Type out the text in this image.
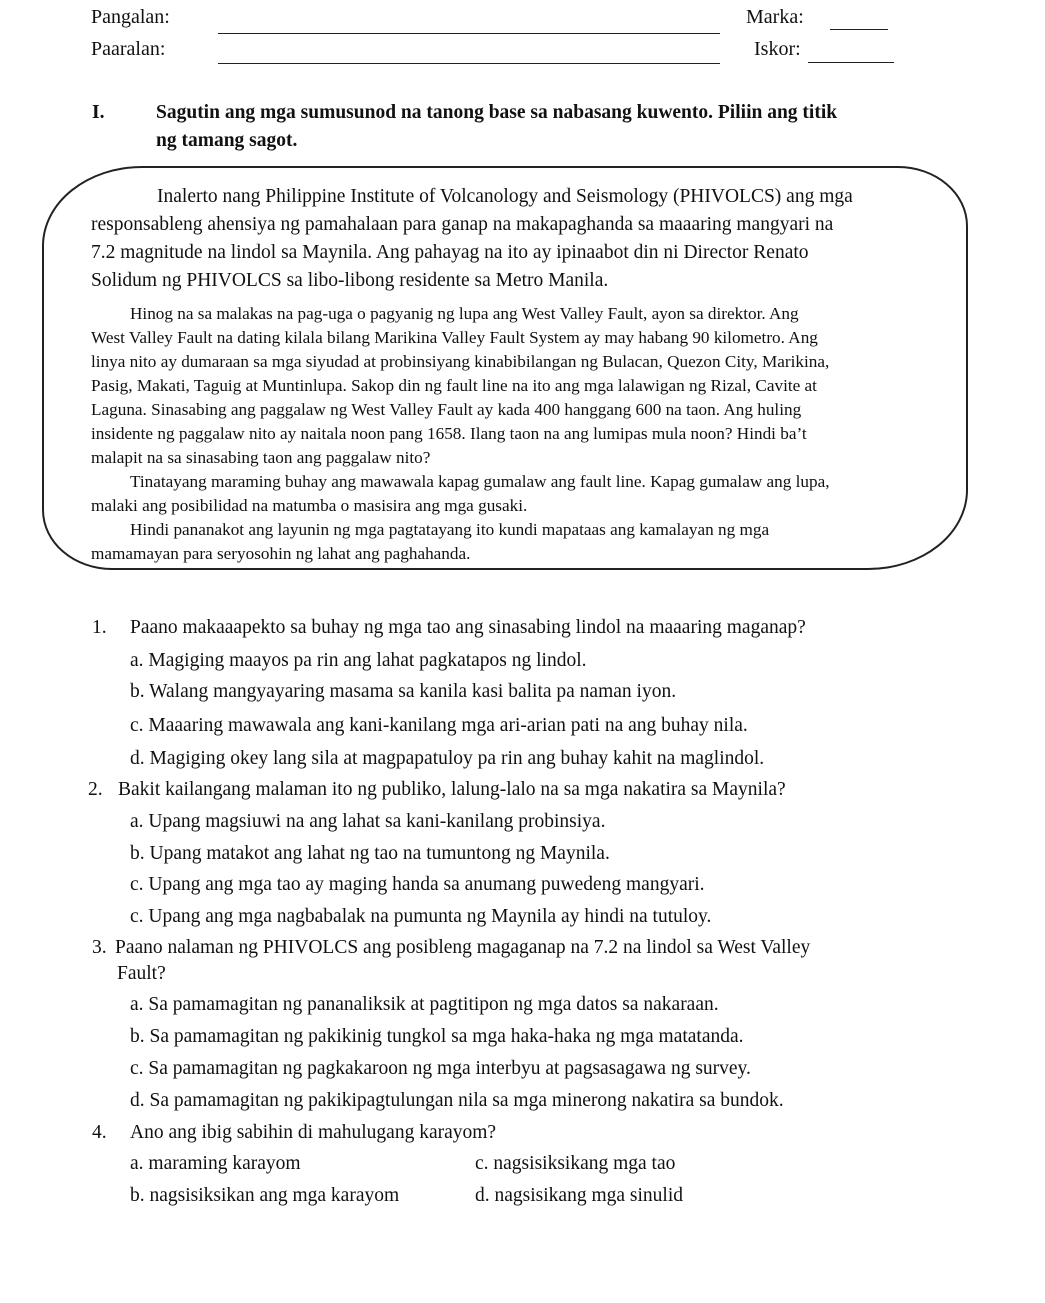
Pangalan:	Marka:
Paaralan:	Iskor:
I.	Sagutin ang mga sumusunod na tanong base sa nabasang kuwento. Piliin ang titik
ng tamang sagot.
Inalerto nang Philippine Institute of Volcanology and Seismology (PHIVOLCS) ang mga
responsableng ahensiya ng pamahalaan para ganap na makapaghanda sa maaaring mangyari na
7.2 magnitude na lindol sa Maynila. Ang pahayag na ito ay ipinaabot din ni Director Renato
Solidum ng PHIVOLCS sa libo-libong residente sa Metro Manila.
Hinog na sa malakas na pag-uga o pagyanig ng lupa ang West Valley Fault, ayon sa direktor. Ang
West Valley Fault na dating kilala bilang Marikina Valley Fault System ay may habang 90 kilometro. Ang
linya nito ay dumaraan sa mga siyudad at probinsiyang kinabibilangan ng Bulacan, Quezon City, Marikina,
Pasig, Makati, Taguig at Muntinlupa. Sakop din ng fault line na ito ang mga lalawigan ng Rizal, Cavite at
Laguna. Sinasabing ang paggalaw ng West Valley Fault ay kada 400 hanggang 600 na taon. Ang huling
insidente ng paggalaw nito ay naitala noon pang 1658. Ilang taon na ang lumipas mula noon? Hindi ba’t
malapit na sa sinasabing taon ang paggalaw nito?
Tinatayang maraming buhay ang mawawala kapag gumalaw ang fault line. Kapag gumalaw ang lupa,
malaki ang posibilidad na matumba o masisira ang mga gusaki.
Hindi pananakot ang layunin ng mga pagtatayang ito kundi mapataas ang kamalayan ng mga
mamamayan para seryosohin ng lahat ang paghahanda.
1. Paano makaaapekto sa buhay ng mga tao ang sinasabing lindol na maaaring maganap?
a. Magiging maayos pa rin ang lahat pagkatapos ng lindol.
b. Walang mangyayaring masama sa kanila kasi balita pa naman iyon.
c. Maaaring mawawala ang kani-kanilang mga ari-arian pati na ang buhay nila.
d. Magiging okey lang sila at magpapatuloy pa rin ang buhay kahit na maglindol.
2. Bakit kailangang malaman ito ng publiko, lalung-lalo na sa mga nakatira sa Maynila?
a. Upang magsiuwi na ang lahat sa kani-kanilang probinsiya.
b. Upang matakot ang lahat ng tao na tumuntong ng Maynila.
c. Upang ang mga tao ay maging handa sa anumang puwedeng mangyari.
c. Upang ang mga nagbabalak na pumunta ng Maynila ay hindi na tutuloy.
3. Paano nalaman ng PHIVOLCS ang posibleng magaganap na 7.2 na lindol sa West Valley
Fault?
a. Sa pamamagitan ng pananaliksik at pagtitipon ng mga datos sa nakaraan.
b. Sa pamamagitan ng pakikinig tungkol sa mga haka-haka ng mga matatanda.
c. Sa pamamagitan ng pagkakaroon ng mga interbyu at pagsasagawa ng survey.
d. Sa pamamagitan ng pakikipagtulungan nila sa mga minerong nakatira sa bundok.
4. Ano ang ibig sabihin di mahulugang karayom?
a. maraming karayom	c. nagsisiksikang mga tao
b. nagsisiksikan ang mga karayom	d. nagsisikang mga sinulid
